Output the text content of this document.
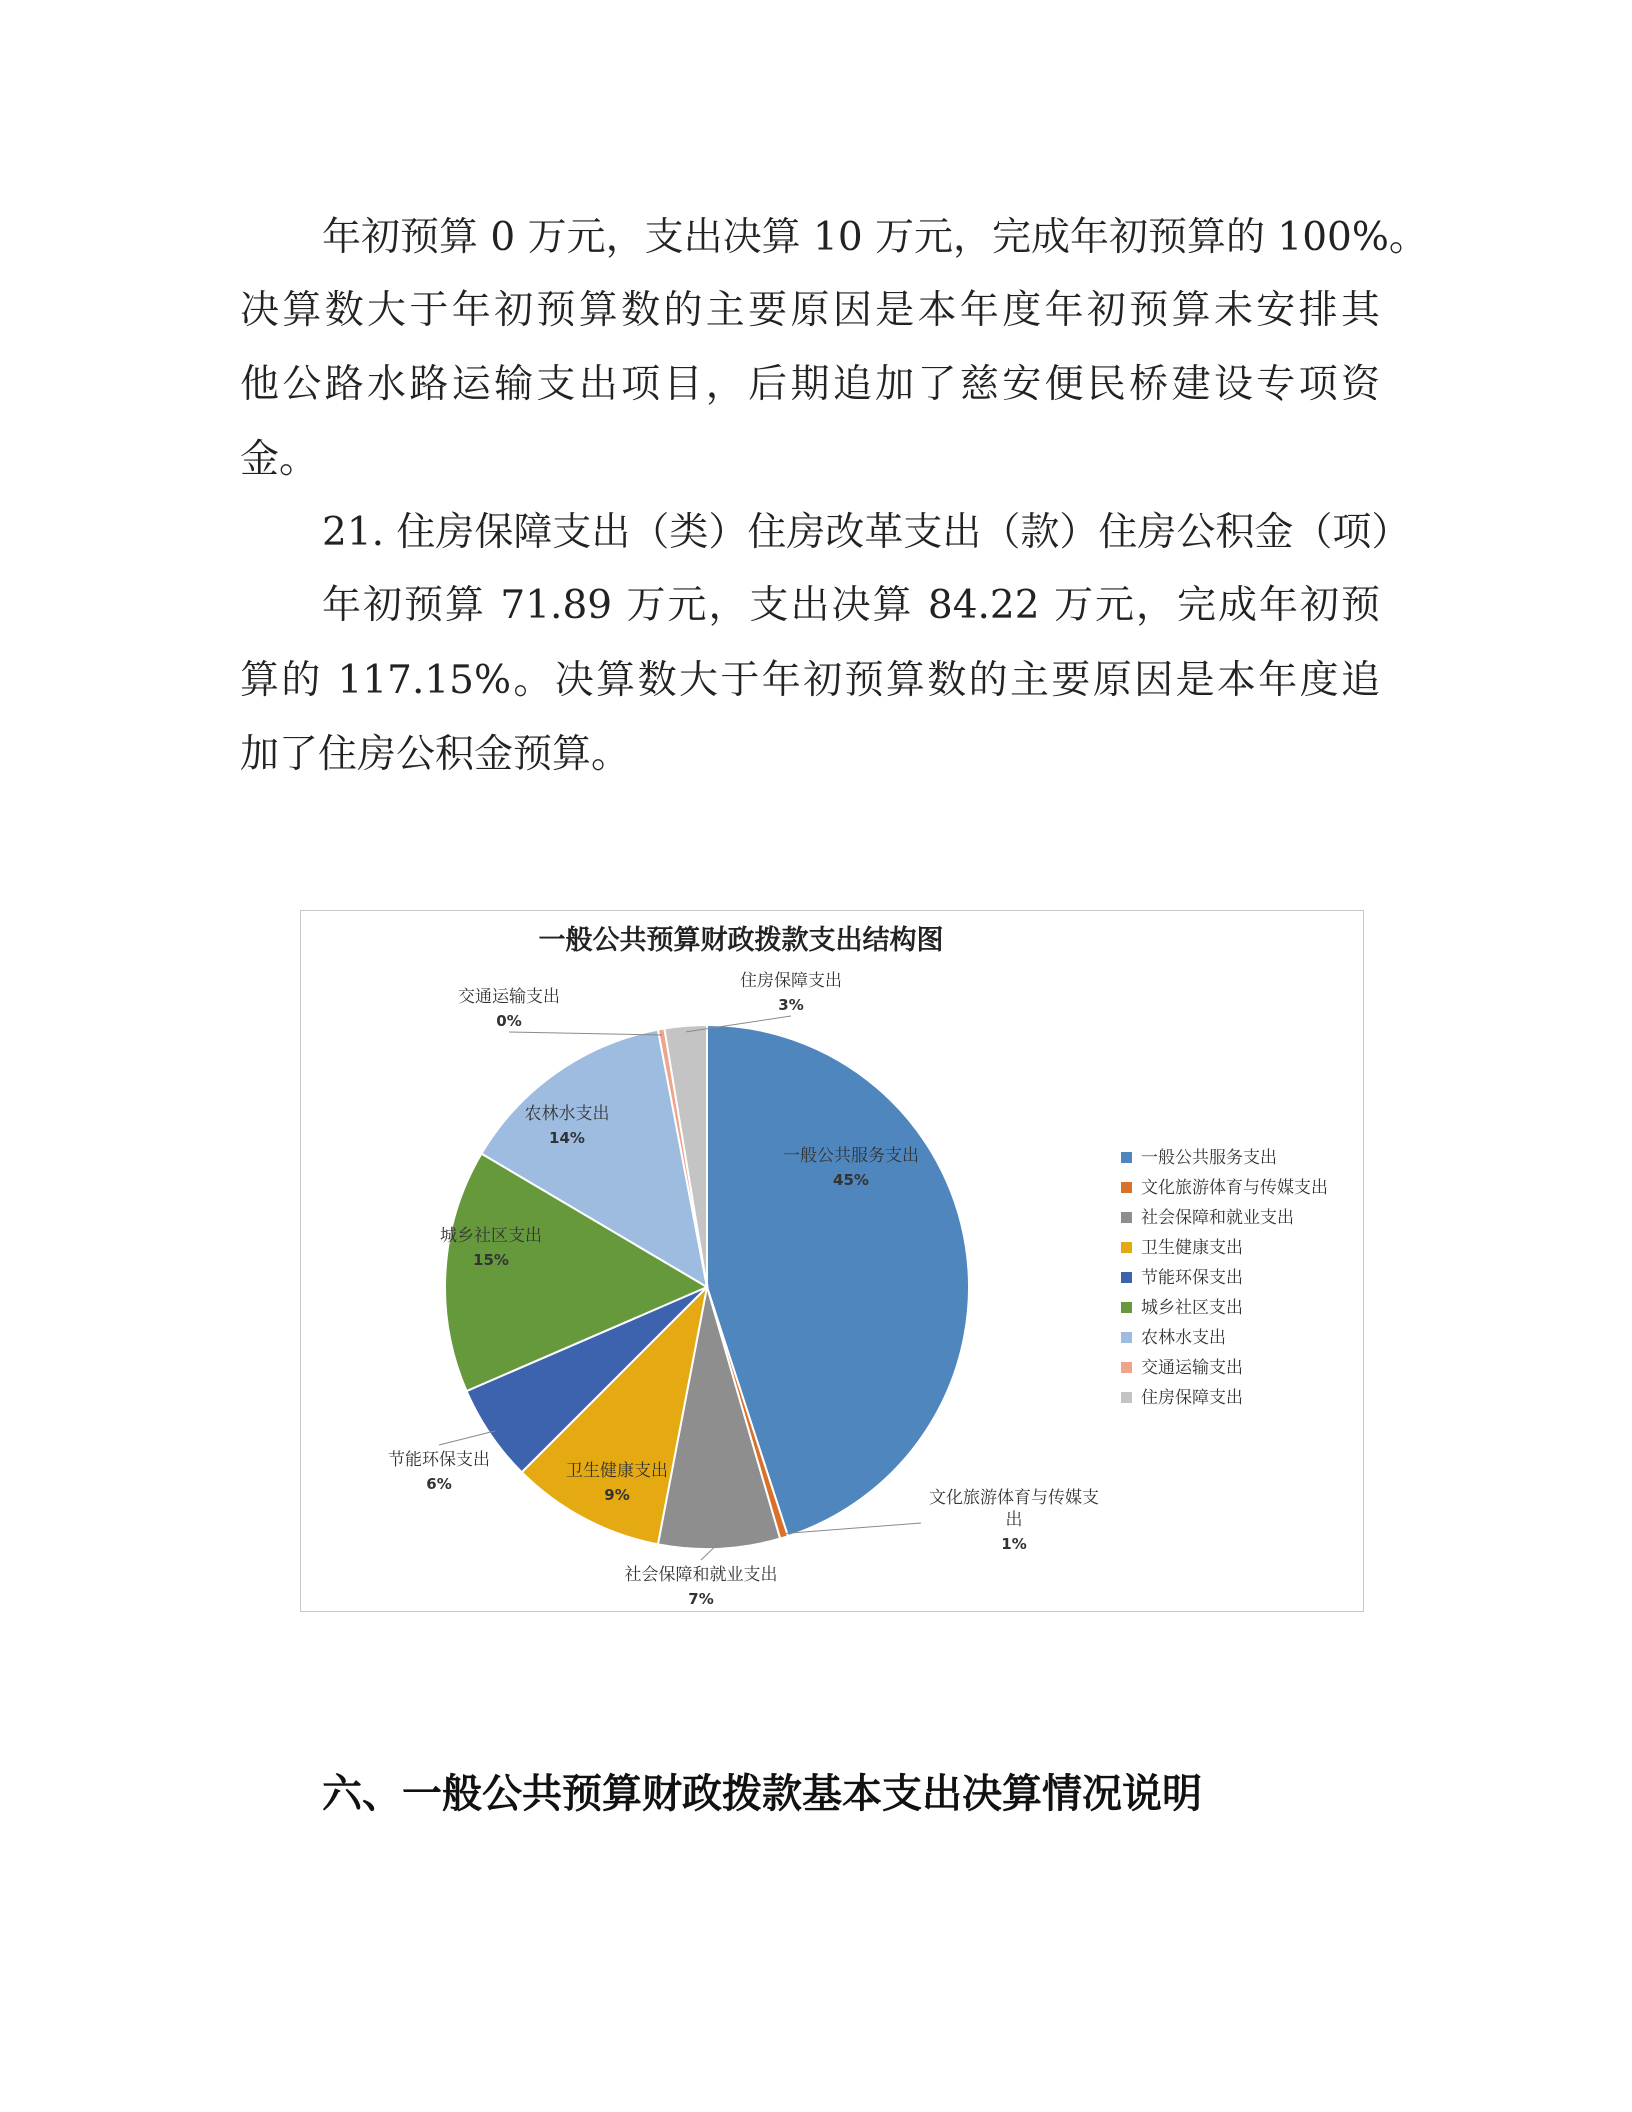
年初预算 0 万元，支出决算 10 万元，完成年初预算的 100%。
决算数大于年初预算数的主要原因是本年度年初预算未安排其
他公路水路运输支出项目，后期追加了慈安便民桥建设专项资
金。
21. 住房保障支出（类）住房改革支出（款）住房公积金（项）
年初预算 71.89 万元，支出决算 84.22 万元，完成年初预
算的 117.15%。决算数大于年初预算数的主要原因是本年度追
加了住房公积金预算。
一般公共预算财政拨款支出结构图
一般公共服务支出
45%
卫生健康支出
9%
城乡社区支出
15%
农林水支出
14%
节能环保支出
6%
社会保障和就业支出
7%
交通运输支出
0%
住房保障支出
3%
文化旅游体育与传媒支
出
1%
一般公共服务支出
文化旅游体育与传媒支出
社会保障和就业支出
卫生健康支出
节能环保支出
城乡社区支出
农林水支出
交通运输支出
住房保障支出
六、一般公共预算财政拨款基本支出决算情况说明
